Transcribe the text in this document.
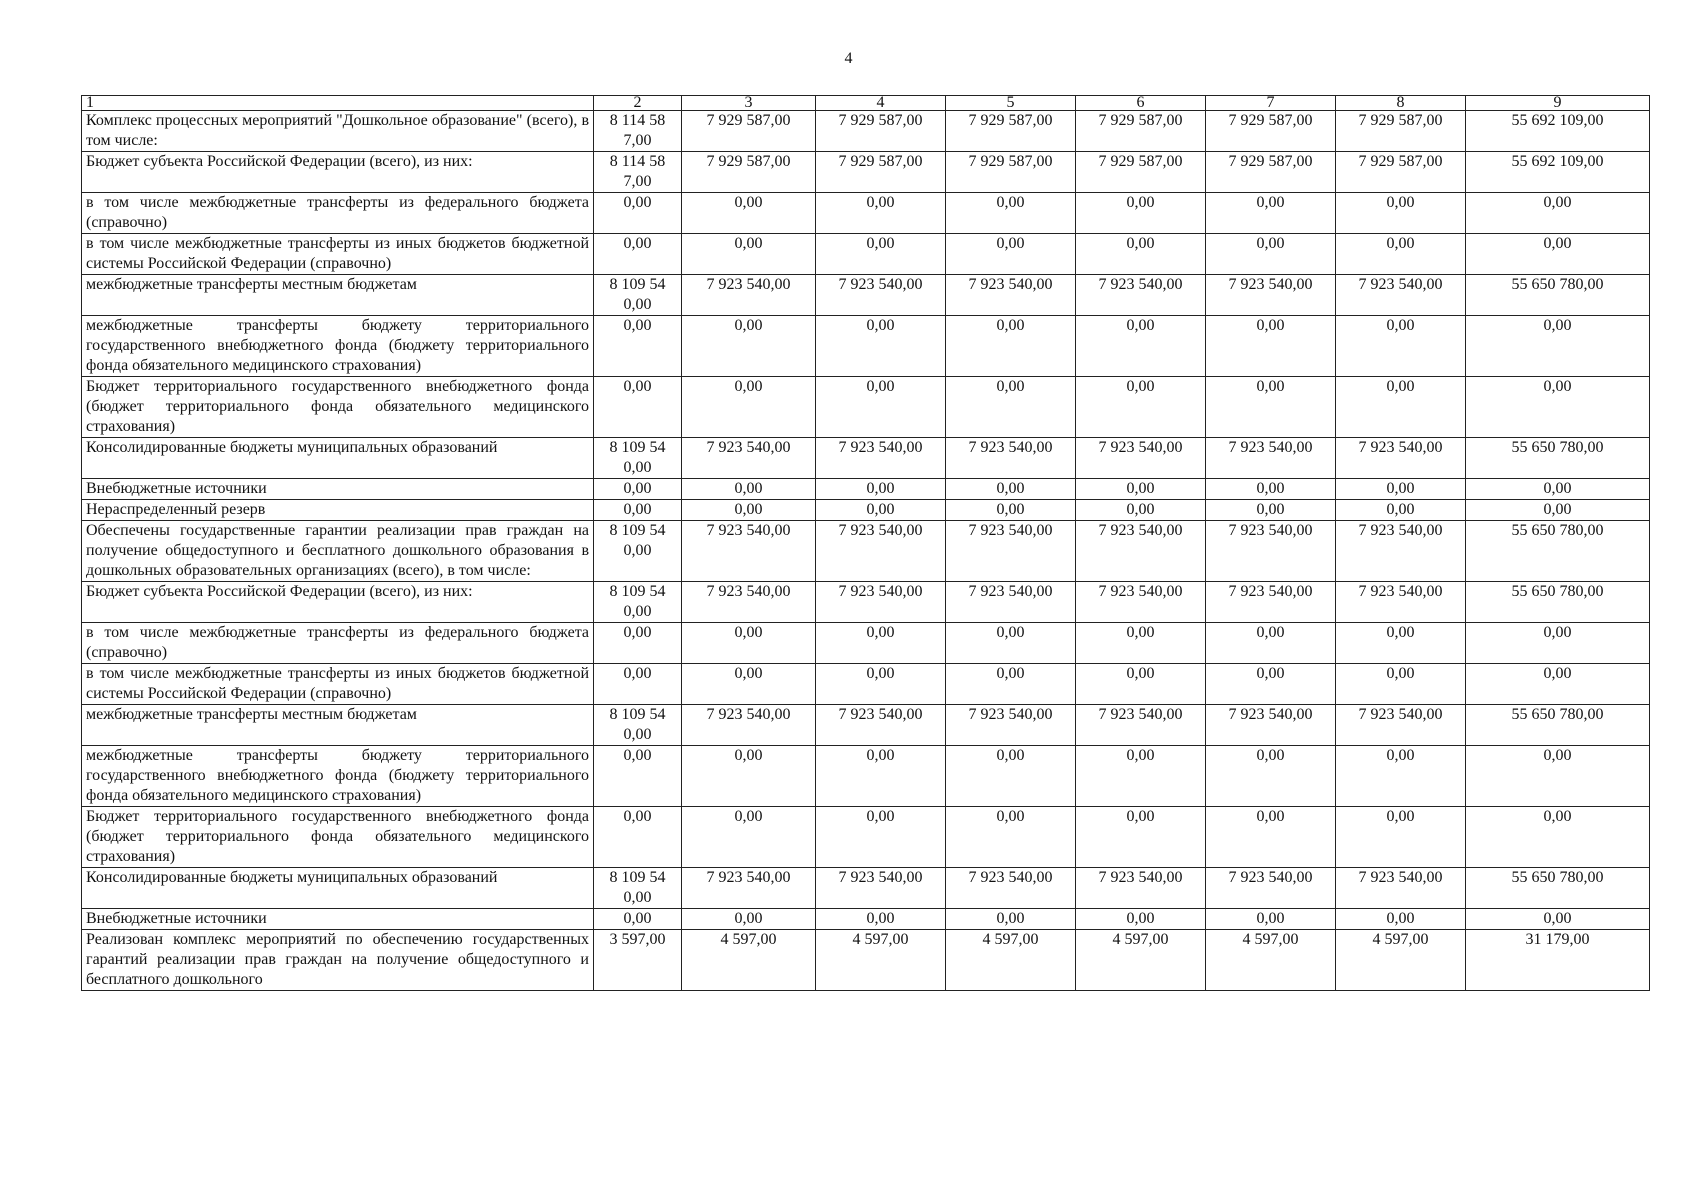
4
1	2	3	4	5	6	7	8	9
Комплекс процессных мероприятий "Дошкольное образование" (всего), в том числе:	8 114 587,00	7 929 587,00	7 929 587,00	7 929 587,00	7 929 587,00	7 929 587,00	7 929 587,00	55 692 109,00
Бюджет субъекта Российской Федерации (всего), из них:	8 114 587,00	7 929 587,00	7 929 587,00	7 929 587,00	7 929 587,00	7 929 587,00	7 929 587,00	55 692 109,00
в том числе межбюджетные трансферты из федерального бюджета (справочно)	0,00	0,00	0,00	0,00	0,00	0,00	0,00	0,00
в том числе межбюджетные трансферты из иных бюджетов бюджетной системы Российской Федерации (справочно)	0,00	0,00	0,00	0,00	0,00	0,00	0,00	0,00
межбюджетные трансферты местным бюджетам	8 109 540,00	7 923 540,00	7 923 540,00	7 923 540,00	7 923 540,00	7 923 540,00	7 923 540,00	55 650 780,00
межбюджетные трансферты бюджету территориального государственного внебюджетного фонда (бюджету территориального фонда обязательного медицинского страхования)	0,00	0,00	0,00	0,00	0,00	0,00	0,00	0,00
Бюджет территориального государственного внебюджетного фонда (бюджет территориального фонда обязательного медицинского страхования)	0,00	0,00	0,00	0,00	0,00	0,00	0,00	0,00
Консолидированные бюджеты муниципальных образований	8 109 540,00	7 923 540,00	7 923 540,00	7 923 540,00	7 923 540,00	7 923 540,00	7 923 540,00	55 650 780,00
Внебюджетные источники	0,00	0,00	0,00	0,00	0,00	0,00	0,00	0,00
Нераспределенный резерв	0,00	0,00	0,00	0,00	0,00	0,00	0,00	0,00
Обеспечены государственные гарантии реализации прав граждан на получение общедоступного и бесплатного дошкольного образования в дошкольных образовательных организациях (всего), в том числе:	8 109 540,00	7 923 540,00	7 923 540,00	7 923 540,00	7 923 540,00	7 923 540,00	7 923 540,00	55 650 780,00
Бюджет субъекта Российской Федерации (всего), из них:	8 109 540,00	7 923 540,00	7 923 540,00	7 923 540,00	7 923 540,00	7 923 540,00	7 923 540,00	55 650 780,00
в том числе межбюджетные трансферты из федерального бюджета (справочно)	0,00	0,00	0,00	0,00	0,00	0,00	0,00	0,00
в том числе межбюджетные трансферты из иных бюджетов бюджетной системы Российской Федерации (справочно)	0,00	0,00	0,00	0,00	0,00	0,00	0,00	0,00
межбюджетные трансферты местным бюджетам	8 109 540,00	7 923 540,00	7 923 540,00	7 923 540,00	7 923 540,00	7 923 540,00	7 923 540,00	55 650 780,00
межбюджетные трансферты бюджету территориального государственного внебюджетного фонда (бюджету территориального фонда обязательного медицинского страхования)	0,00	0,00	0,00	0,00	0,00	0,00	0,00	0,00
Бюджет территориального государственного внебюджетного фонда (бюджет территориального фонда обязательного медицинского страхования)	0,00	0,00	0,00	0,00	0,00	0,00	0,00	0,00
Консолидированные бюджеты муниципальных образований	8 109 540,00	7 923 540,00	7 923 540,00	7 923 540,00	7 923 540,00	7 923 540,00	7 923 540,00	55 650 780,00
Внебюджетные источники	0,00	0,00	0,00	0,00	0,00	0,00	0,00	0,00
Реализован комплекс мероприятий по обеспечению государственных гарантий реализации прав граждан на получение общедоступного и бесплатного дошкольного	3 597,00	4 597,00	4 597,00	4 597,00	4 597,00	4 597,00	4 597,00	31 179,00
